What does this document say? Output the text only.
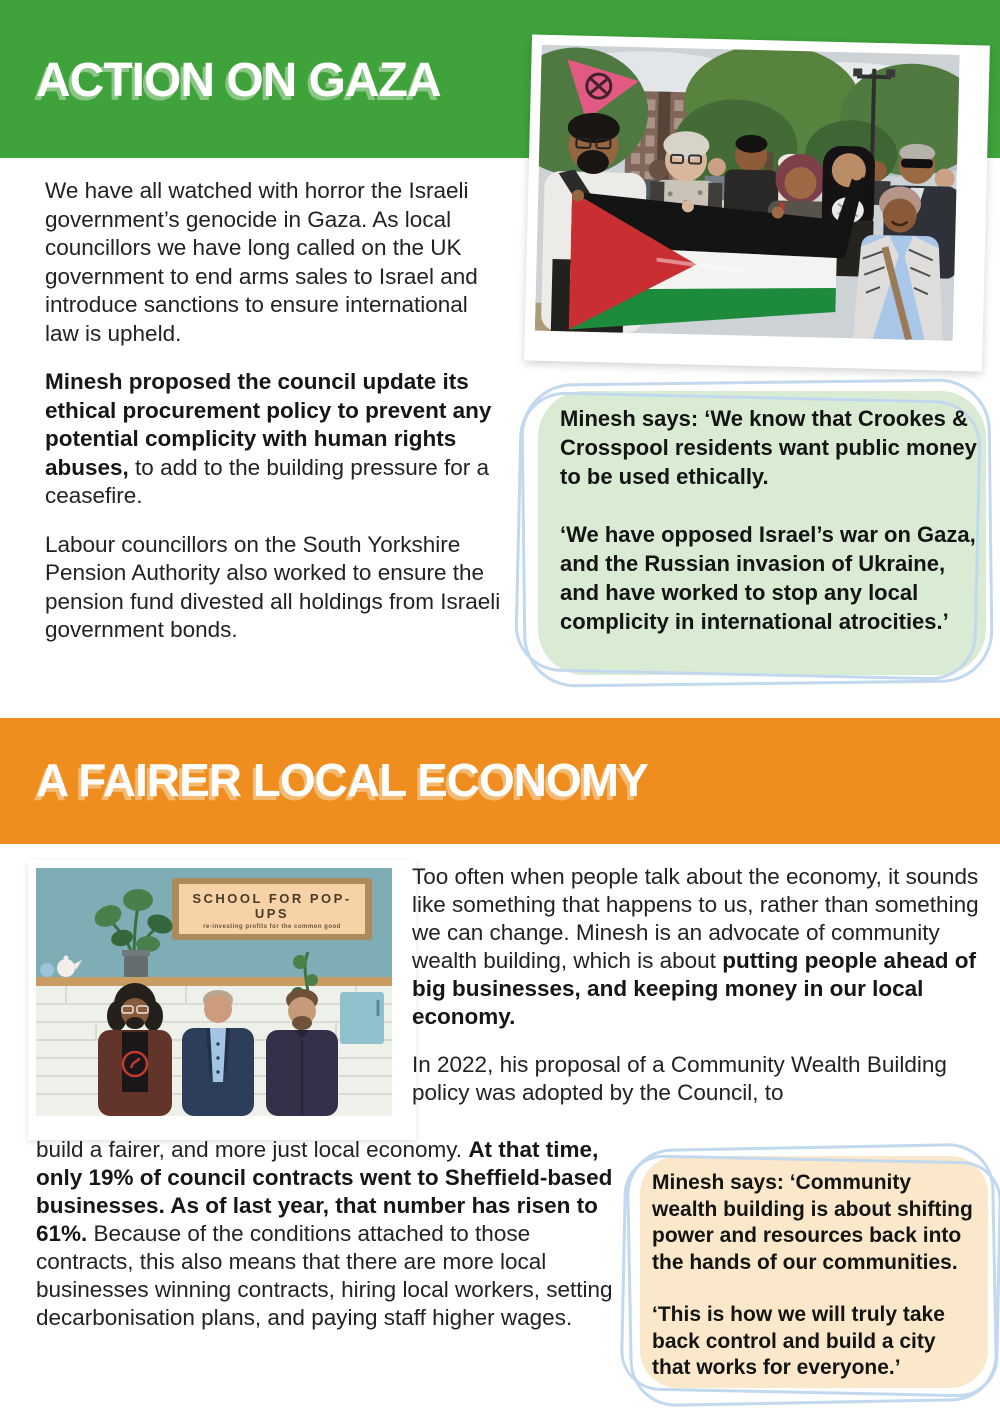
ACTION ON GAZA

We have all watched with horror the Israeli government’s genocide in Gaza. As local councillors we have long called on the UK government to end arms sales to Israel and introduce sanctions to ensure international law is upheld.

Minesh proposed the council update its ethical procurement policy to prevent any potential complicity with human rights abuses, to add to the building pressure for a ceasefire.

Labour councillors on the South Yorkshire Pension Authority also worked to ensure the pension fund divested all holdings from Israeli government bonds.

Minesh says: ‘We know that Crookes & Crosspool residents want public money to be used ethically.

‘We have opposed Israel’s war on Gaza, and the Russian invasion of Ukraine, and have worked to stop any local complicity in international atrocities.’

A FAIRER LOCAL ECONOMY
SCHOOL FOR POP-UPS
re-investing profits for the common good

Too often when people talk about the economy, it sounds like something that happens to us, rather than something we can change. Minesh is an advocate of community wealth building, which is about putting people ahead of big businesses, and keeping money in our local economy.

In 2022, his proposal of a Community Wealth Building policy was adopted by the Council, to

build a fairer, and more just local economy. At that time, only 19% of council contracts went to Sheffield-based businesses. As of last year, that number has risen to 61%. Because of the conditions attached to those contracts, this also means that there are more local businesses winning contracts, hiring local workers, setting decarbonisation plans, and paying staff higher wages.

Minesh says: ‘Community wealth building is about shifting power and resources back into the hands of our communities.

‘This is how we will truly take back control and build a city that works for everyone.’
